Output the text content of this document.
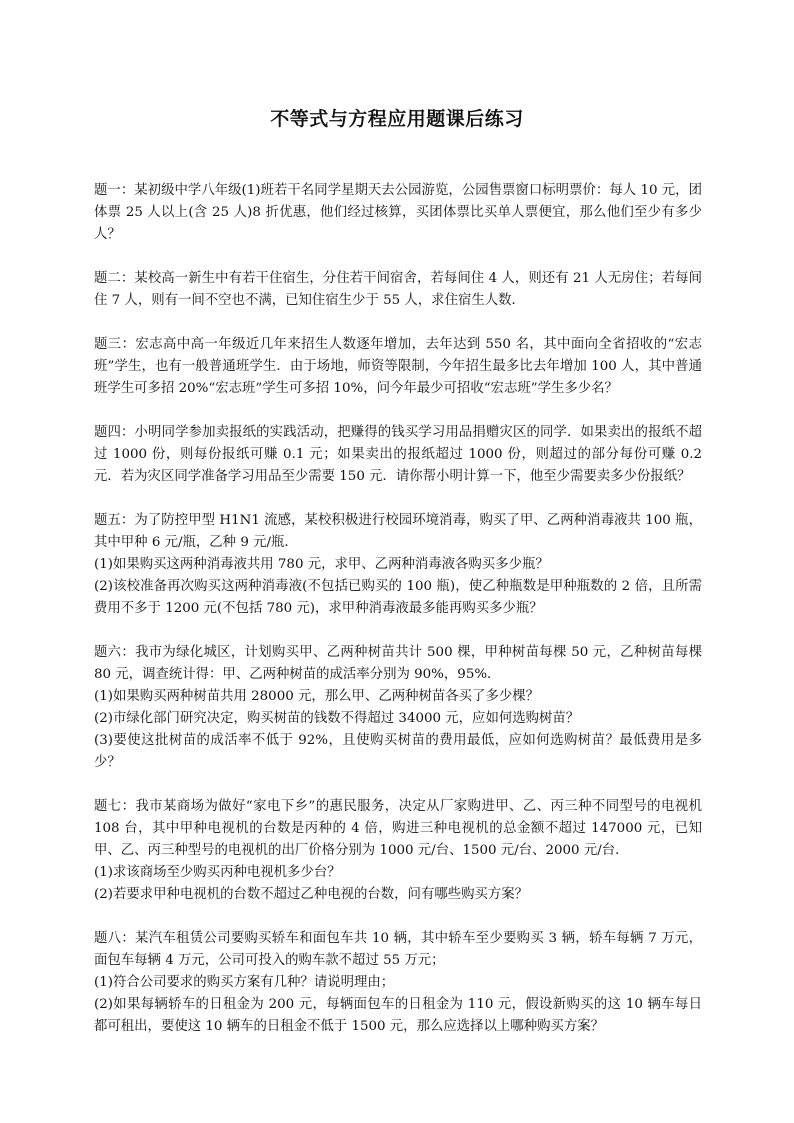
不等式与方程应用题课后练习

题一：某初级中学八年级(1)班若干名同学星期天去公园游览，公园售票窗口标明票价：每人 10 元，团体票 25 人以上(含 25 人)8 折优惠，他们经过核算，买团体票比买单人票便宜，那么他们至少有多少人？

题二：某校高一新生中有若干住宿生，分住若干间宿舍，若每间住 4 人，则还有 21 人无房住；若每间住 7 人，则有一间不空也不满，已知住宿生少于 55 人，求住宿生人数．

题三：宏志高中高一年级近几年来招生人数逐年增加，去年达到 550 名，其中面向全省招收的“宏志班”学生，也有一般普通班学生．由于场地，师资等限制，今年招生最多比去年增加 100 人，其中普通班学生可多招 20%“宏志班”学生可多招 10%，问今年最少可招收“宏志班”学生多少名？

题四：小明同学参加卖报纸的实践活动，把赚得的钱买学习用品捐赠灾区的同学．如果卖出的报纸不超过 1000 份，则每份报纸可赚 0.1 元；如果卖出的报纸超过 1000 份，则超过的部分每份可赚 0.2 元．若为灾区同学准备学习用品至少需要 150 元．请你帮小明计算一下，他至少需要卖多少份报纸？

题五：为了防控甲型 H1N1 流感，某校积极进行校园环境消毒，购买了甲、乙两种消毒液共 100 瓶，其中甲种 6 元/瓶，乙种 9 元/瓶．

(1)如果购买这两种消毒液共用 780 元，求甲、乙两种消毒液各购买多少瓶？

(2)该校准备再次购买这两种消毒液(不包括已购买的 100 瓶)，使乙种瓶数是甲种瓶数的 2 倍，且所需费用不多于 1200 元(不包括 780 元)，求甲种消毒液最多能再购买多少瓶？

题六：我市为绿化城区，计划购买甲、乙两种树苗共计 500 棵，甲种树苗每棵 50 元，乙种树苗每棵 80 元，调查统计得：甲、乙两种树苗的成活率分别为 90%，95%．

(1)如果购买两种树苗共用 28000 元，那么甲、乙两种树苗各买了多少棵？

(2)市绿化部门研究决定，购买树苗的钱数不得超过 34000 元，应如何选购树苗？

(3)要使这批树苗的成活率不低于 92%，且使购买树苗的费用最低，应如何选购树苗？最低费用是多少？

题七：我市某商场为做好“家电下乡”的惠民服务，决定从厂家购进甲、乙、丙三种不同型号的电视机 108 台，其中甲种电视机的台数是丙种的 4 倍，购进三种电视机的总金额不超过 147000 元，已知甲、乙、丙三种型号的电视机的出厂价格分别为 1000 元/台、1500 元/台、2000 元/台．

(1)求该商场至少购买丙种电视机多少台？

(2)若要求甲种电视机的台数不超过乙种电视的台数，问有哪些购买方案？

题八：某汽车租赁公司要购买轿车和面包车共 10 辆，其中轿车至少要购买 3 辆，轿车每辆 7 万元，面包车每辆 4 万元，公司可投入的购车款不超过 55 万元；

(1)符合公司要求的购买方案有几种？请说明理由；

(2)如果每辆轿车的日租金为 200 元，每辆面包车的日租金为 110 元，假设新购买的这 10 辆车每日都可租出，要使这 10 辆车的日租金不低于 1500 元，那么应选择以上哪种购买方案？
